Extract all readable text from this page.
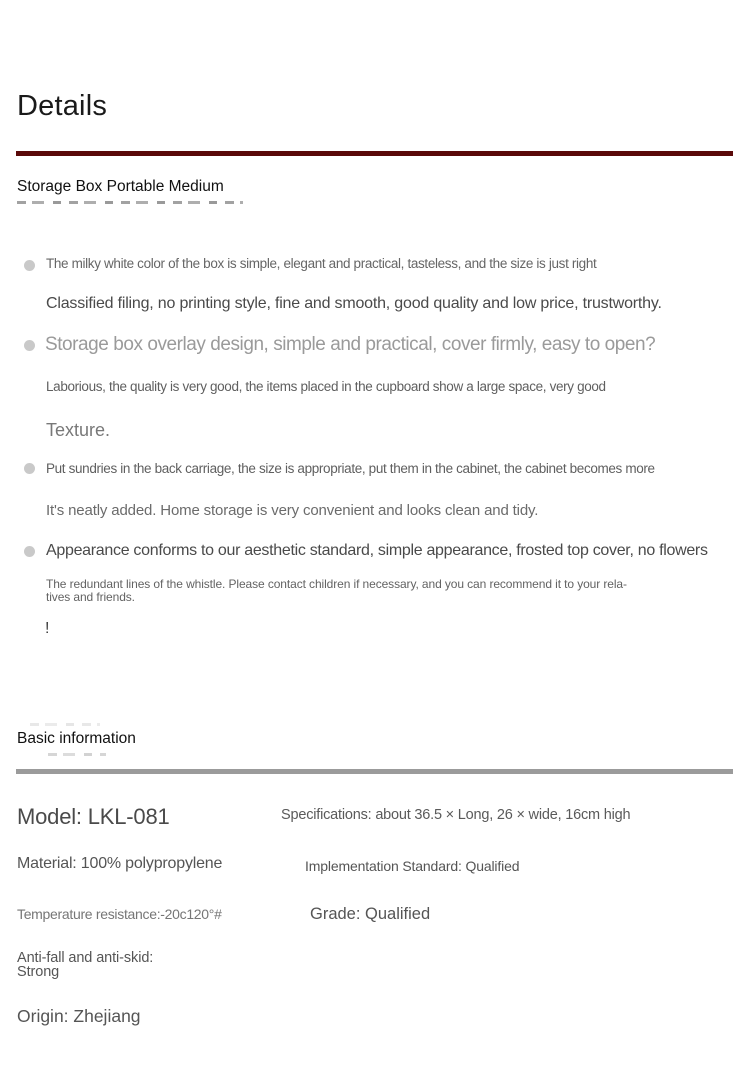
Details
Storage Box Portable Medium
The milky white color of the box is simple, elegant and practical, tasteless, and the size is just right
Classified filing, no printing style, fine and smooth, good quality and low price, trustworthy.
Storage box overlay design, simple and practical, cover firmly, easy to open?
Laborious, the quality is very good, the items placed in the cupboard show a large space, very good
Texture.
Put sundries in the back carriage, the size is appropriate, put them in the cabinet, the cabinet becomes more
It's neatly added. Home storage is very convenient and looks clean and tidy.
Appearance conforms to our aesthetic standard, simple appearance, frosted top cover, no flowers
The redundant lines of the whistle. Please contact children if necessary, and you can recommend it to your rela-
tives and friends.
!
Basic information
Model: LKL-081	Specifications: about 36.5 × Long, 26 × wide, 16cm high
Material: 100% polypropylene	Implementation Standard: Qualified
Temperature resistance:-20c120°#	Grade: Qualified
Anti-fall and anti-skid:
Strong
Origin: Zhejiang
